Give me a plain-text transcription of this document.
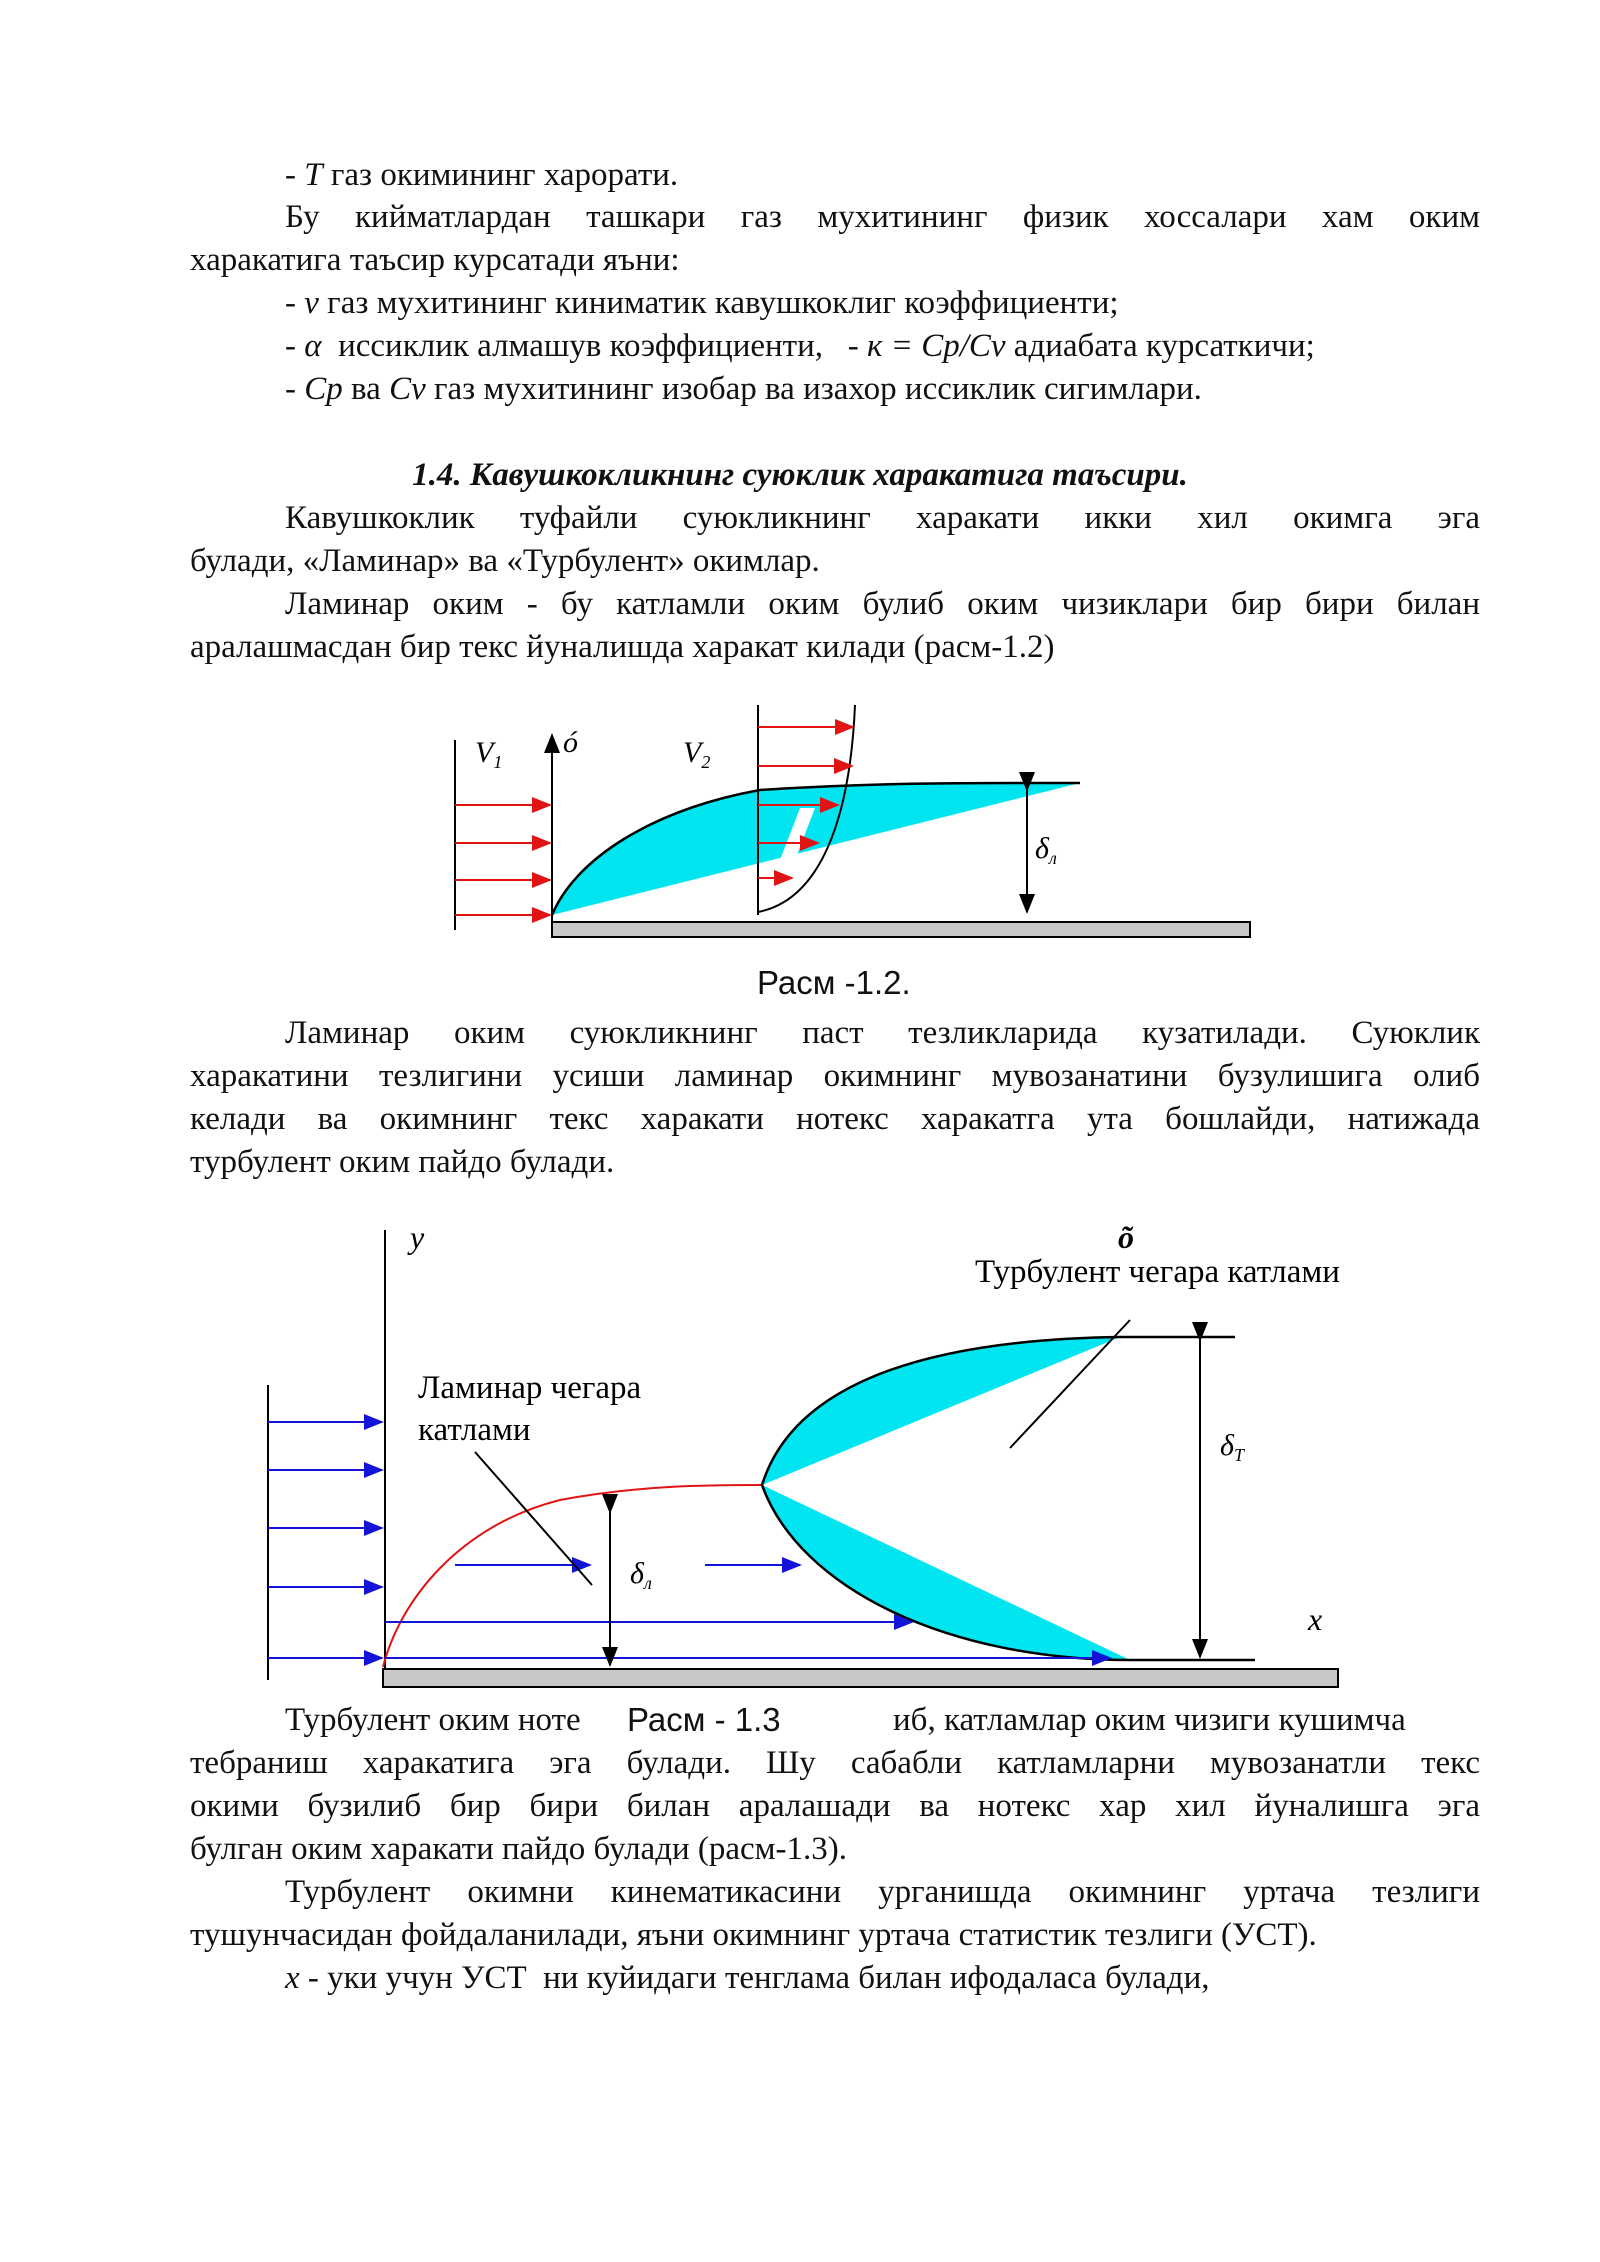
- T газ окимининг харорати.
Бу кийматлардан ташкари газ мухитининг физик хоссалари хам оким
харакатига таъсир курсатади яъни:
- ν газ мухитининг киниматик кавушкоклиг коэффициенти;
- α  иссиклик алмашув коэффициенти,   - к = Ср/Сv адиабата курсаткичи;
- Ср ва Сv газ мухитининг изобар ва изахор иссиклик сигимлари.
1.4. Кавушкокликнинг суюклик харакатига таъсири.
Кавушкоклик туфайли суюкликнинг харакати икки хил окимга эга
булади, «Ламинар» ва «Турбулент» окимлар.
Ламинар оким - бу катламли оким булиб оким чизиклари бир бири билан
аралашмасдан бир текс йуналишда харакат килади (расм-1.2)
$\delta_л$
$V_1$
ó	$V_2$
Расм -1.2.
Ламинар оким суюкликнинг паст тезликларида кузатилади. Суюклик
харакатини тезлигини усиши ламинар окимнинг мувозанатини бузулишига олиб
келади ва окимнинг текс харакати нотекс харакатга ута бошлайди, натижада
турбулент оким пайдо булади.
$\delta_л$
$\delta_T$
y	õ
Турбулент чегара катлами
Ламинар чегара
катлами
x
Турбулент оким ноте Расм - 1.3	иб, катламлар оким чизиги кушимча
тебраниш харакатига эга булади. Шу сабабли катламларни мувозанатли текс
окими бузилиб бир бири билан аралашади ва нотекс хар хил йуналишга эга
булган оким харакати пайдо булади (расм-1.3).
Турбулент окимни кинематикасини урганишда окимнинг уртача тезлиги
тушунчасидан фойдаланилади, яъни окимнинг уртача статистик тезлиги (УСТ).
x - уки учун УСТ  ни куйидаги тенглама билан ифодаласа булади,
